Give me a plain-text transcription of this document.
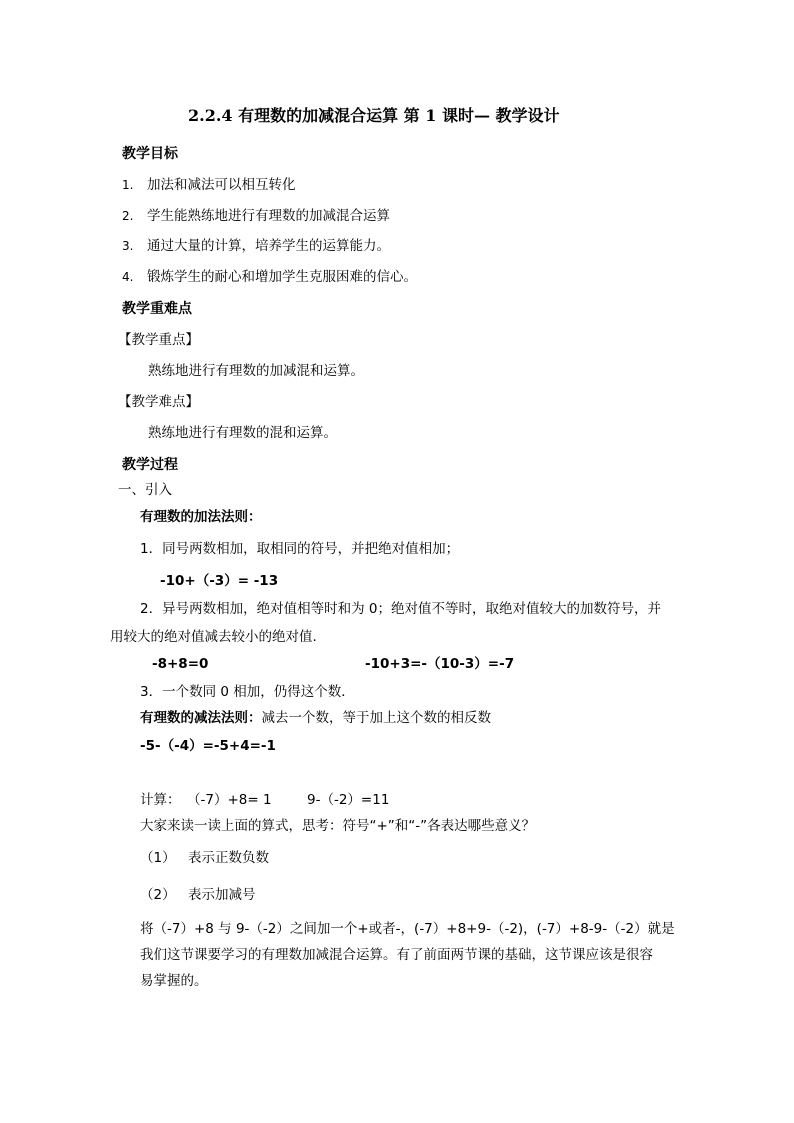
2.2.4 有理数的加减混合运算 第 1 课时— 教学设计
教学目标
1. 加法和减法可以相互转化
2. 学生能熟练地进行有理数的加减混合运算
3. 通过大量的计算，培养学生的运算能力。
4. 锻炼学生的耐心和增加学生克服困难的信心。
教学重难点
【教学重点】
熟练地进行有理数的加减混和运算。
【教学难点】
熟练地进行有理数的混和运算。
教学过程
一、引入
有理数的加法法则：
1．同号两数相加，取相同的符号，并把绝对值相加；
-10+（-3）= -13
2．异号两数相加，绝对值相等时和为 0；绝对值不等时，取绝对值较大的加数符号，并
用较大的绝对值减去较小的绝对值.
-8+8=0	-10+3=-（10-3）=-7
3．一个数同 0 相加，仍得这个数．
有理数的减法法则：减去一个数，等于加上这个数的相反数
-5-（-4）=-5+4=-1
计算： （-7）+8= 1	9-（-2）=11
大家来读一读上面的算式，思考：符号“+”和“-”各表达哪些意义？
（1） 表示正数负数
（2） 表示加减号
将（-7）+8 与 9-（-2）之间加一个+或者-，(-7）+8+9-（-2)，(-7）+8-9-（-2）就是
我们这节课要学习的有理数加减混合运算。有了前面两节课的基础，这节课应该是很容
易掌握的。
